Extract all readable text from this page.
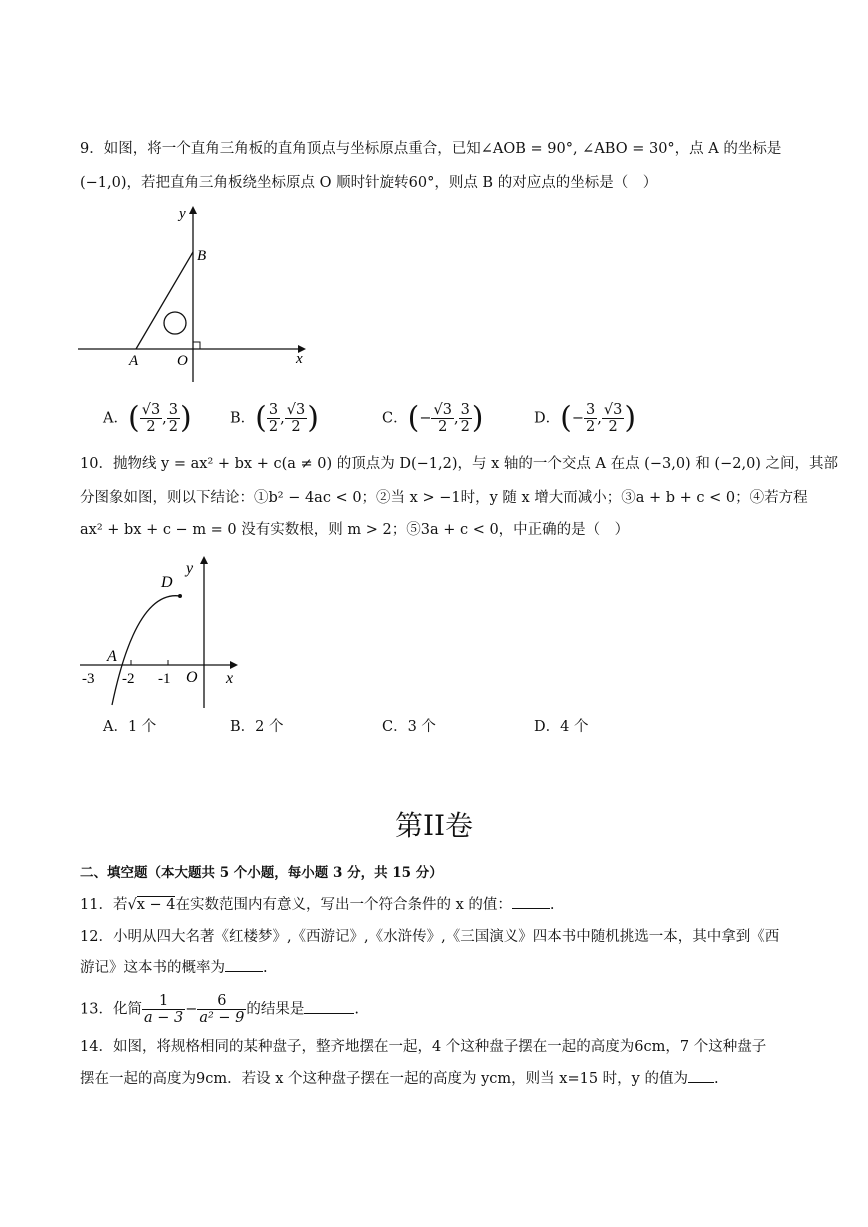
9．如图，将一个直角三角板的直角顶点与坐标原点重合，已知∠AOB = 90°, ∠ABO = 30°，点 A 的坐标是
(−1,0)，若把直角三角板绕坐标原点 O 顺时针旋转60°，则点 B 的对应点的坐标是（　）
y
B
A	O	x
A．( $\frac{√3}{2}$ , $\frac{3}{2}$ )	B．( $\frac{3}{2}$ , $\frac{√3}{2}$ )	C．(− $\frac{√3}{2}$ , $\frac{3}{2}$ )	D．(− $\frac{3}{2}$ , $\frac{√3}{2}$ )
10．抛物线 y = ax² + bx + c(a ≠ 0) 的顶点为 D(−1,2)，与 x 轴的一个交点 A 在点 (−3,0) 和 (−2,0) 之间，其部
分图象如图，则以下结论：①b² − 4ac < 0；②当 x > −1时，y 随 x 增大而减小；③a + b + c < 0；④若方程
ax² + bx + c − m = 0 没有实数根，则 m > 2；⑤3a + c < 0，中正确的是（　）
y
D
A
O x
-3 -2 -1
A．1 个	B．2 个	C．3 个	D．4 个
第II卷
二、填空题（本大题共 5 个小题，每小题 3 分，共 15 分）
11．若√x − 4在实数范围内有意义，写出一个符合条件的 x 的值：	.
12．小明从四大名著《红楼梦》,《西游记》,《水浒传》,《三国演义》四本书中随机挑选一本，其中拿到《西
游记》这本书的概率为	.
13．化简 $\frac{1}{a - 3} - \frac{6}{\text{a² − 9}}$ 的结果是	.
14．如图，将规格相同的某种盘子，整齐地摆在一起，4 个这种盘子摆在一起的高度为6cm，7 个这种盘子
摆在一起的高度为9cm．若设 x 个这种盘子摆在一起的高度为 ycm，则当 x=15 时，y 的值为 .
